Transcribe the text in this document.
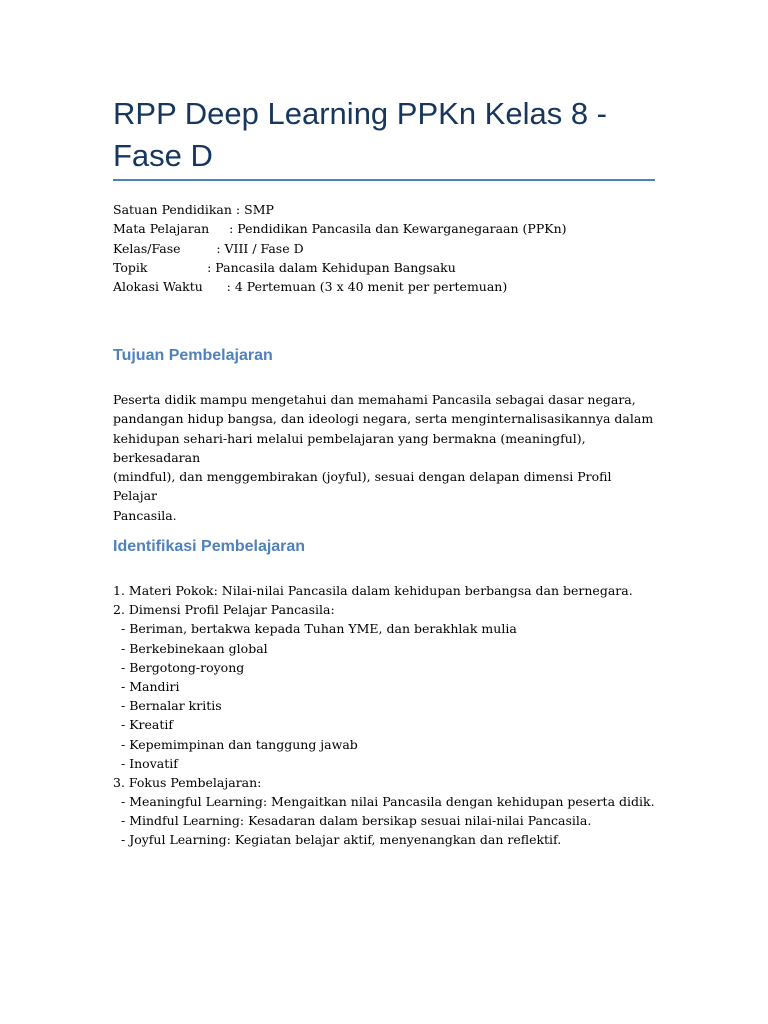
RPP Deep Learning PPKn Kelas 8 - Fase D
Satuan Pendidikan : SMP
Mata Pelajaran     : Pendidikan Pancasila dan Kewarganegaraan (PPKn)
Kelas/Fase         : VIII / Fase D
Topik               : Pancasila dalam Kehidupan Bangsaku
Alokasi Waktu      : 4 Pertemuan (3 x 40 menit per pertemuan)
Tujuan Pembelajaran
Peserta didik mampu mengetahui dan memahami Pancasila sebagai dasar negara,
pandangan hidup bangsa, dan ideologi negara, serta menginternalisasikannya dalam
kehidupan sehari-hari melalui pembelajaran yang bermakna (meaningful), berkesadaran
(mindful), dan menggembirakan (joyful), sesuai dengan delapan dimensi Profil Pelajar
Pancasila.
Identifikasi Pembelajaran
1. Materi Pokok: Nilai-nilai Pancasila dalam kehidupan berbangsa dan bernegara.
2. Dimensi Profil Pelajar Pancasila:
- Beriman, bertakwa kepada Tuhan YME, dan berakhlak mulia
- Berkebinekaan global
- Bergotong-royong
- Mandiri
- Bernalar kritis
- Kreatif
- Kepemimpinan dan tanggung jawab
- Inovatif
3. Fokus Pembelajaran:
- Meaningful Learning: Mengaitkan nilai Pancasila dengan kehidupan peserta didik.
- Mindful Learning: Kesadaran dalam bersikap sesuai nilai-nilai Pancasila.
- Joyful Learning: Kegiatan belajar aktif, menyenangkan dan reflektif.
